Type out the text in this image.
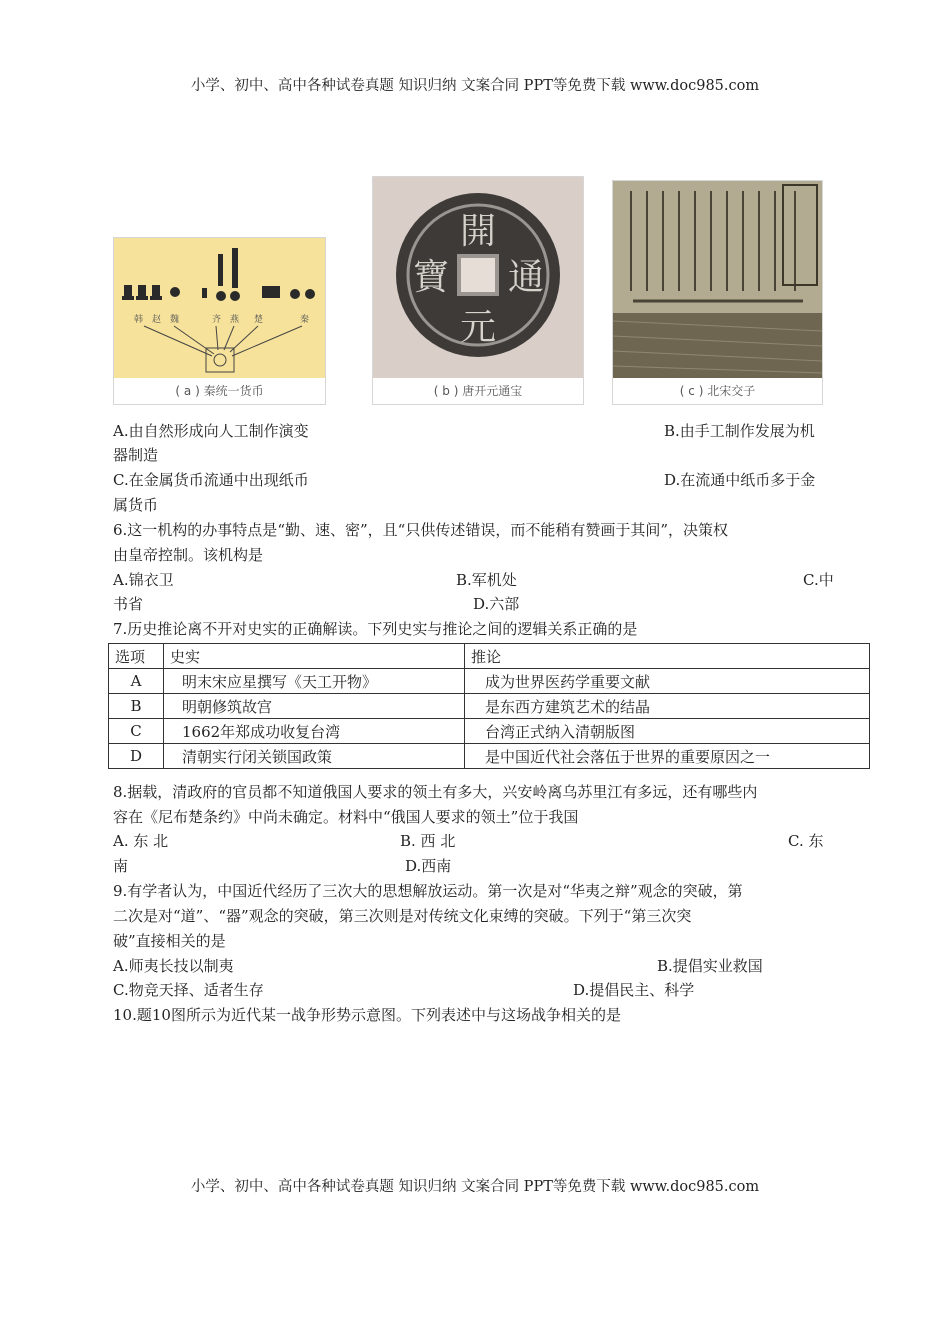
小学、初中、高中各种试卷真题 知识归纳 文案合同 PPT等免费下载 www.doc985.com
韩 赵 魏	齐 燕 楚	秦
( a ) 秦统一货币
開
通
元
寶
( b ) 唐开元通宝	( c ) 北宋交子
A.由自然形成向人工制作演变	B.由手工制作发展为机
器制造
C.在金属货币流通中出现纸币	D.在流通中纸币多于金
属货币
6.这一机构的办事特点是“勤、速、密”，且“只供传述错误，而不能稍有赞画于其间”，决策权
由皇帝控制。该机构是
A.锦衣卫	B.军机处	C.中
书省	D.六部
7.历史推论离不开对史实的正确解读。下列史实与推论之间的逻辑关系正确的是
选项	史实	推论
A	明末宋应星撰写《天工开物》	成为世界医药学重要文献
B	明朝修筑故宫	是东西方建筑艺术的结晶
C	1662年郑成功收复台湾	台湾正式纳入清朝版图
D	清朝实行闭关锁国政策	是中国近代社会落伍于世界的重要原因之一
8.据载，清政府的官员都不知道俄国人要求的领土有多大，兴安岭离乌苏里江有多远，还有哪些内
容在《尼布楚条约》中尚未确定。材料中“俄国人要求的领土”位于我国
A. 东 北	B. 西 北	C. 东
南	D.西南
9.有学者认为，中国近代经历了三次大的思想解放运动。第一次是对“华夷之辩”观念的突破，第
二次是对“道”、“器”观念的突破，第三次则是对传统文化束缚的突破。下列于“第三次突
破”直接相关的是
A.师夷长技以制夷	B.提倡实业救国
C.物竞天择、适者生存	D.提倡民主、科学
10.题10图所示为近代某一战争形势示意图。下列表述中与这场战争相关的是
小学、初中、高中各种试卷真题 知识归纳 文案合同 PPT等免费下载 www.doc985.com
